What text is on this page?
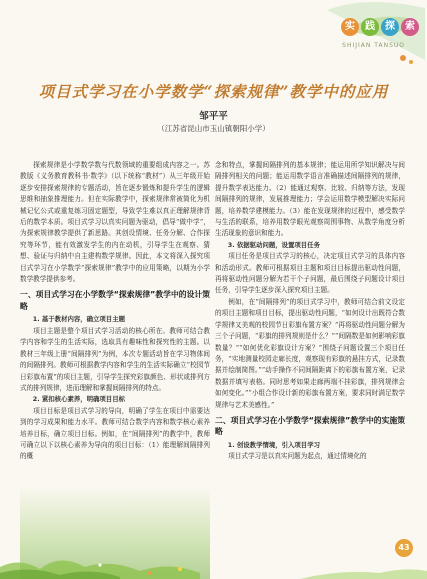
实	践	探	索
SHIJIAN TANSUO
项目式学习在小学数学“探索规律”教学中的应用
邹平平
（江苏省昆山市玉山镇朝阳小学）

探索规律是小学数学数与代数领域的重要组成内容之一。苏教版《义务教育教科书·数学》（以下统称“教材”）从三年级开始逐步安排探索规律的专题活动，旨在逐步锻炼和提升学生的逻辑思维和抽象推理能力。但在实际教学中，探索规律常被简化为机械记忆公式或重复练习固定题型，导致学生难以真正理解规律背后的数学本质。项目式学习以真实问题为驱动，倡导“做中学”，为探索规律教学提供了新思路。其创设情境、任务分解、合作探究等环节，能有效激发学生的内在动机，引导学生在观察、猜想、验证与归纳中自主建构数学规律。因此，本文将深入探究项目式学习在小学数学“探索规律”教学中的应用策略，以期为小学数学教学提供参考。

一、项目式学习在小学数学“探索规律”教学中的设计策略
1. 基于教材内容，确立项目主题

项目主题是整个项目式学习活动的核心所在。教师可结合教学内容和学生的生活实际，选取具有趣味性和探究性的主题。以教材三年级上册“间隔排列”为例，本次专题活动旨在学习物体间的间隔排列。教师可根据教学内容和学生的生活实际确立“校园节日彩旗布置”的项目主题，引导学生探究彩旗颜色、形状或排列方式的排列规律，进而理解和掌握间隔排列的特点。

2. 紧扣核心素养，明确项目目标

项目目标是项目式学习的导向，明确了学生在项目中需要达到的学习成果和能力水平。教师可结合数学内容和数学核心素养培养目标，确立项目目标。例如，在“间隔排列”的教学中，教师可确立以下以核心素养为导向的项目目标：（1）能理解间隔排列的概

念和特点，掌握间隔排列的基本规律；能运用所学知识解决与间隔排列相关的问题；能运用数学语言准确描述间隔排列的规律，提升数学表达能力。（2）能通过观察、比较、归纳等方法，发现间隔排列的规律，发展推理能力；学会运用数学模型解决实际问题，培养数学建模能力。（3）能在发现规律的过程中，感受数学与生活的联系，培养用数学眼光观察周围事物、从数学角度分析生活现象的意识和能力。

3. 依据驱动问题，设置项目任务

项目任务是项目式学习的核心，决定项目式学习的具体内容和活动形式。教师可根据项目主题和项目目标提出驱动性问题，再将驱动性问题分解为若干个子问题，最后围绕子问题设计项目任务，引导学生逐步深入探究项目主题。

例如，在“间隔排列”的项目式学习中，教师可结合前文设定的项目主题和项目目标，提出驱动性问题，“如何设计出既符合数学规律又美观的校园节日彩旗布置方案？”再将驱动性问题分解为三个子问题，“彩旗的排列规则是什么？”“间隔数是如何影响彩旗数量？”“如何优化彩旗设计方案？”围绕子问题设置三个项目任务，“实地测量校园走廊长度，观察现有彩旗的悬挂方式，记录数据并绘制简图。”“动手操作不同间隔距离下的彩旗布置方案，记录数据并填写表格。同时思考如果走廊两端不挂彩旗，排列规律会如何变化。”“小组合作设计新的彩旗布置方案，要求同时满足数学规律与艺术美感性。”

二、项目式学习在小学数学“探索规律”教学中的实施策略
1. 创设教学情境，引入项目学习

项目式学习是以真实问题为起点，通过情境化的

43
